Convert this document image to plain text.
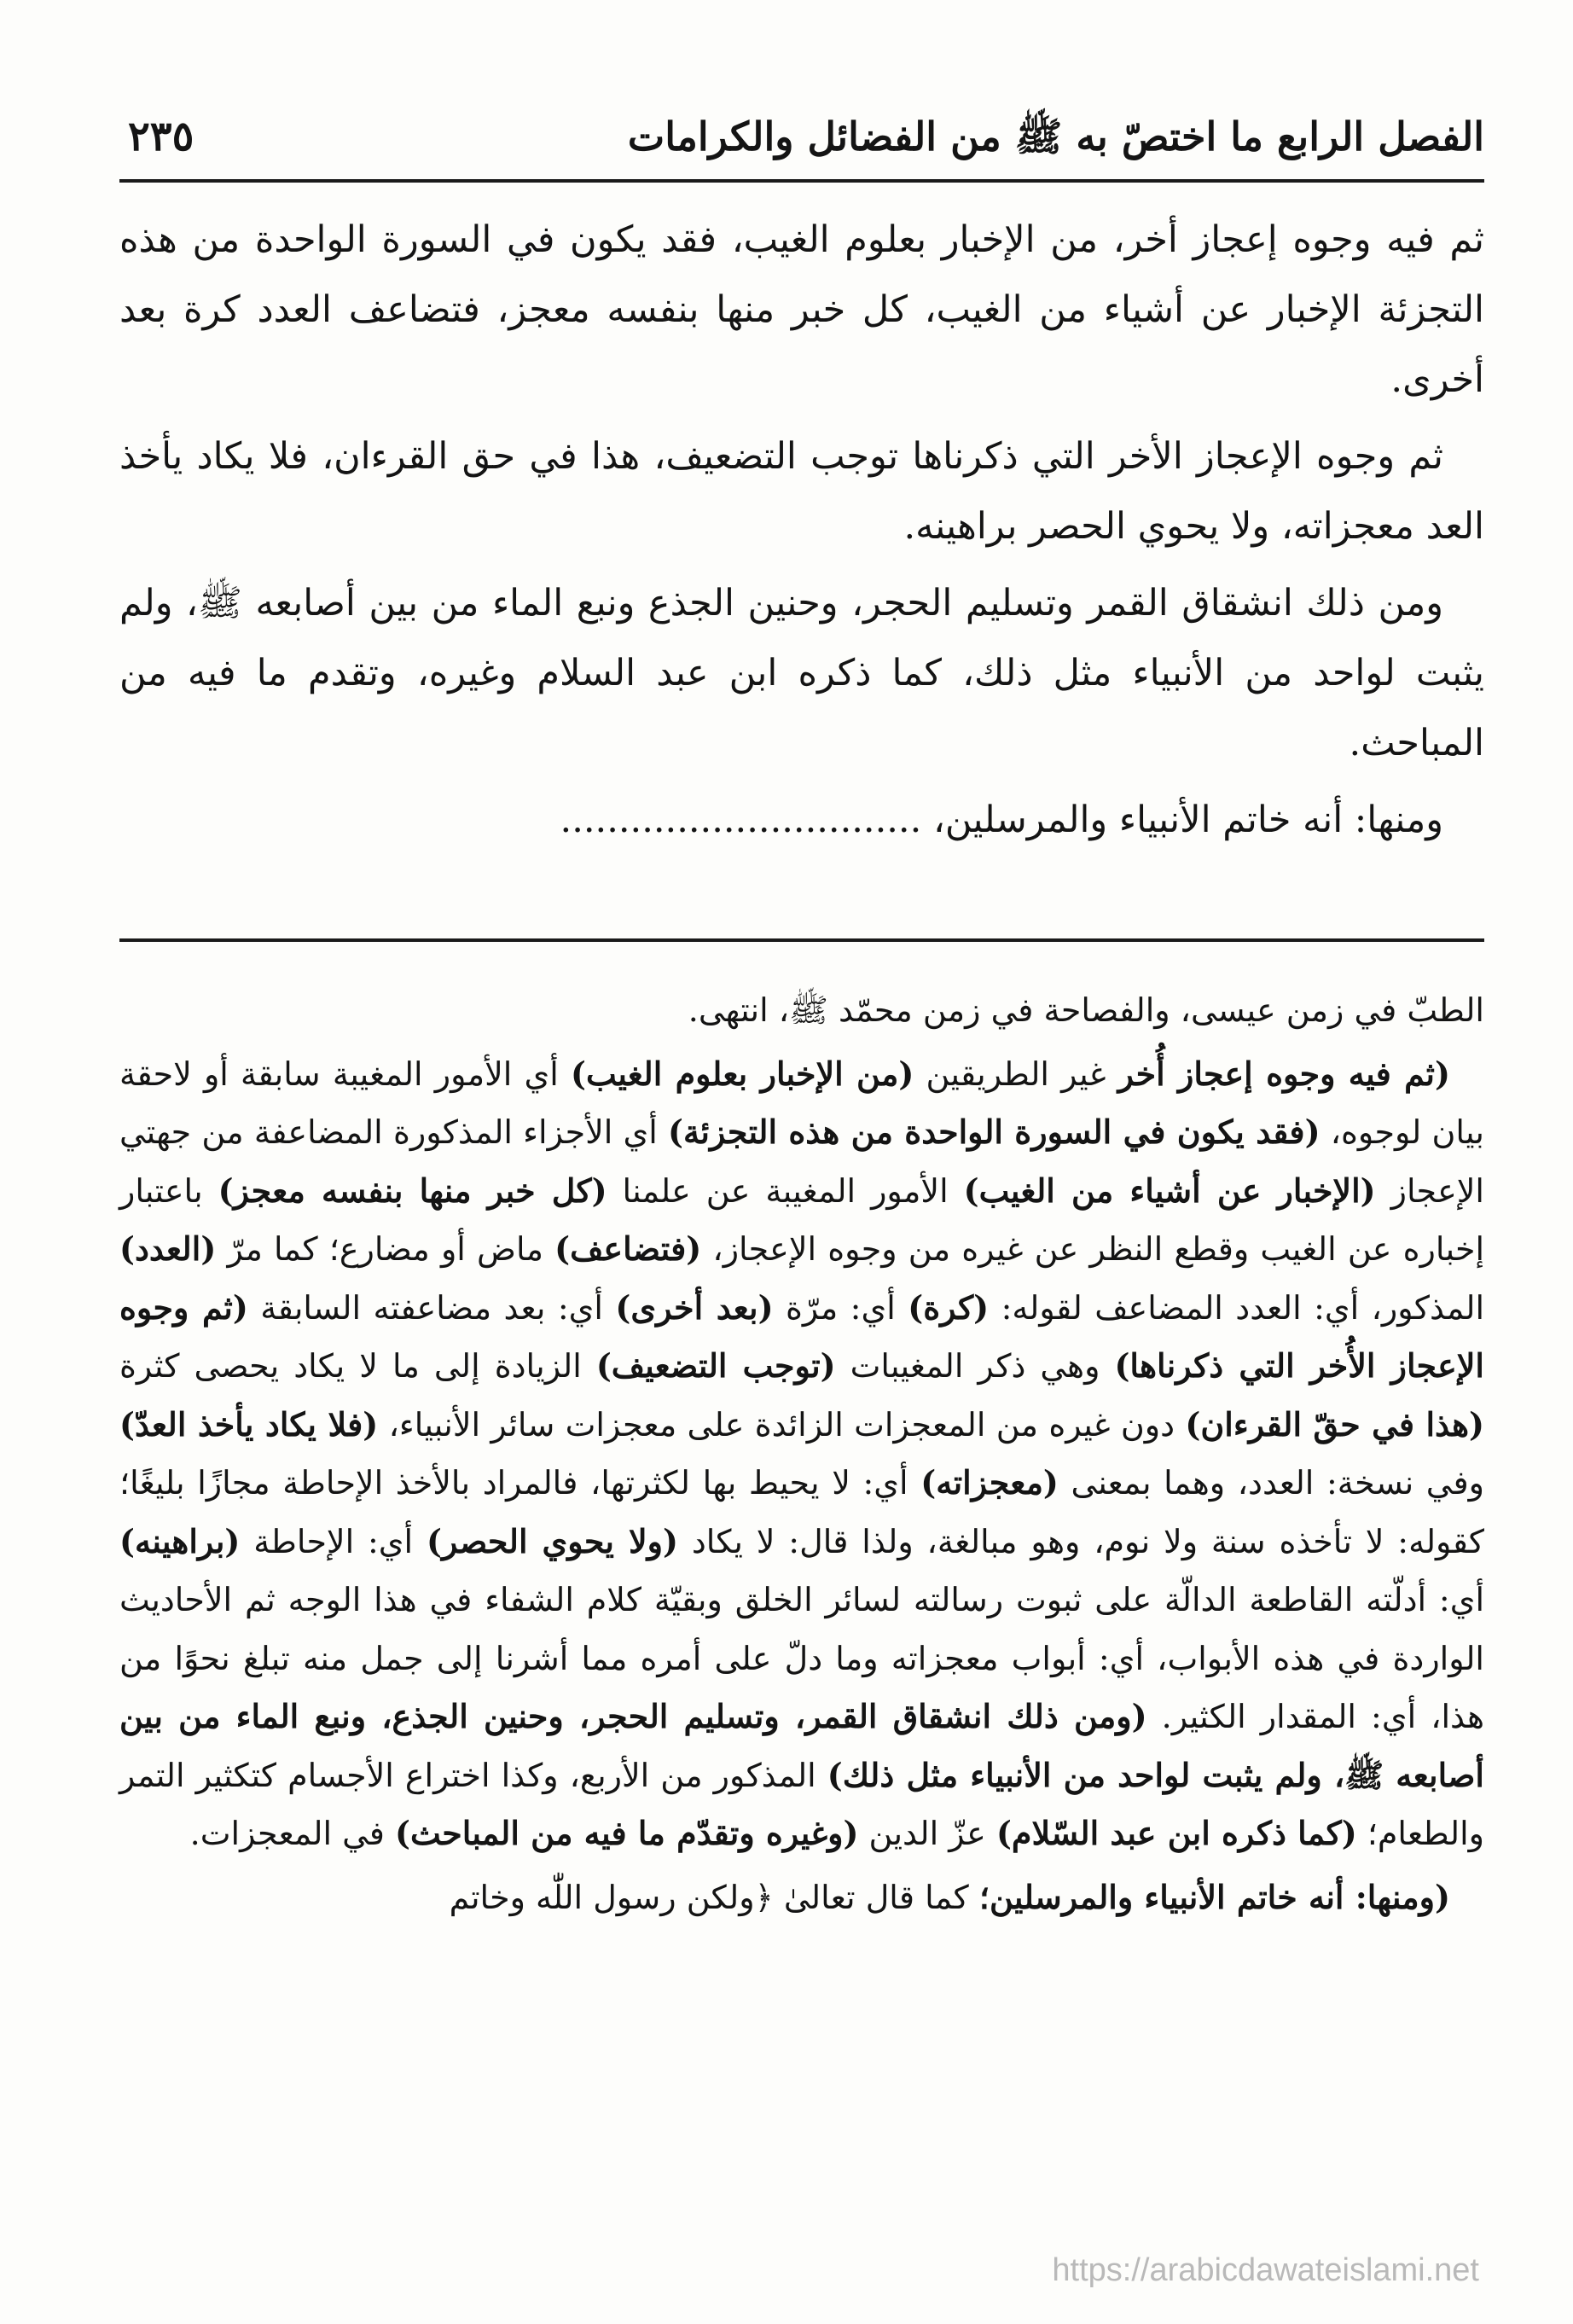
الفصل الرابع ما اختصّ به ﷺ من الفضائل والكرامات
٢٣٥

ثم فيه وجوه إعجاز أخر، من الإخبار بعلوم الغيب، فقد يكون في السورة الواحدة من هذه التجزئة الإخبار عن أشياء من الغيب، كل خبر منها بنفسه معجز، فتضاعف العدد كرة بعد أخرى.

ثم وجوه الإعجاز الأخر التي ذكرناها توجب التضعيف، هذا في حق القرءان، فلا يكاد يأخذ العد معجزاته، ولا يحوي الحصر براهينه.

ومن ذلك انشقاق القمر وتسليم الحجر، وحنين الجذع ونبع الماء من بين أصابعه ﷺ، ولم يثبت لواحد من الأنبياء مثل ذلك، كما ذكره ابن عبد السلام وغيره، وتقدم ما فيه من المباحث.

ومنها: أنه خاتم الأنبياء والمرسلين، ...............................

الطبّ في زمن عيسى، والفصاحة في زمن محمّد ﷺ، انتهى.

(ثم فيه وجوه إعجاز أُخر غير الطريقين (من الإخبار بعلوم الغيب) أي الأمور المغيبة سابقة أو لاحقة بيان لوجوه، (فقد يكون في السورة الواحدة من هذه التجزئة) أي الأجزاء المذكورة المضاعفة من جهتي الإعجاز (الإخبار عن أشياء من الغيب) الأمور المغيبة عن علمنا (كل خبر منها بنفسه معجز) باعتبار إخباره عن الغيب وقطع النظر عن غيره من وجوه الإعجاز، (فتضاعف) ماض أو مضارع؛ كما مرّ (العدد) المذكور، أي: العدد المضاعف لقوله: (كرة) أي: مرّة (بعد أخرى) أي: بعد مضاعفته السابقة (ثم وجوه الإعجاز الأُخر التي ذكرناها) وهي ذكر المغيبات (توجب التضعيف) الزيادة إلى ما لا يكاد يحصى كثرة (هذا في حقّ القرءان) دون غيره من المعجزات الزائدة على معجزات سائر الأنبياء، (فلا يكاد يأخذ العدّ) وفي نسخة: العدد، وهما بمعنى (معجزاته) أي: لا يحيط بها لكثرتها، فالمراد بالأخذ الإحاطة مجازًا بليغًا؛ كقوله: لا تأخذه سنة ولا نوم، وهو مبالغة، ولذا قال: لا يكاد (ولا يحوي الحصر) أي: الإحاطة (براهينه) أي: أدلّته القاطعة الدالّة على ثبوت رسالته لسائر الخلق وبقيّة كلام الشفاء في هذا الوجه ثم الأحاديث الواردة في هذه الأبواب، أي: أبواب معجزاته وما دلّ على أمره مما أشرنا إلى جمل منه تبلغ نحوًا من هذا، أي: المقدار الكثير. (ومن ذلك انشقاق القمر، وتسليم الحجر، وحنين الجذع، ونبع الماء من بين أصابعه ﷺ، ولم يثبت لواحد من الأنبياء مثل ذلك) المذكور من الأربع، وكذا اختراع الأجسام كتكثير التمر والطعام؛ (كما ذكره ابن عبد السّلام) عزّ الدين (وغيره وتقدّم ما فيه من المباحث) في المعجزات.

(ومنها: أنه خاتم الأنبياء والمرسلين؛ كما قال تعالىٰ ﴿ولكن رسول اللّٰه وخاتم

https://arabicdawateislami.net
